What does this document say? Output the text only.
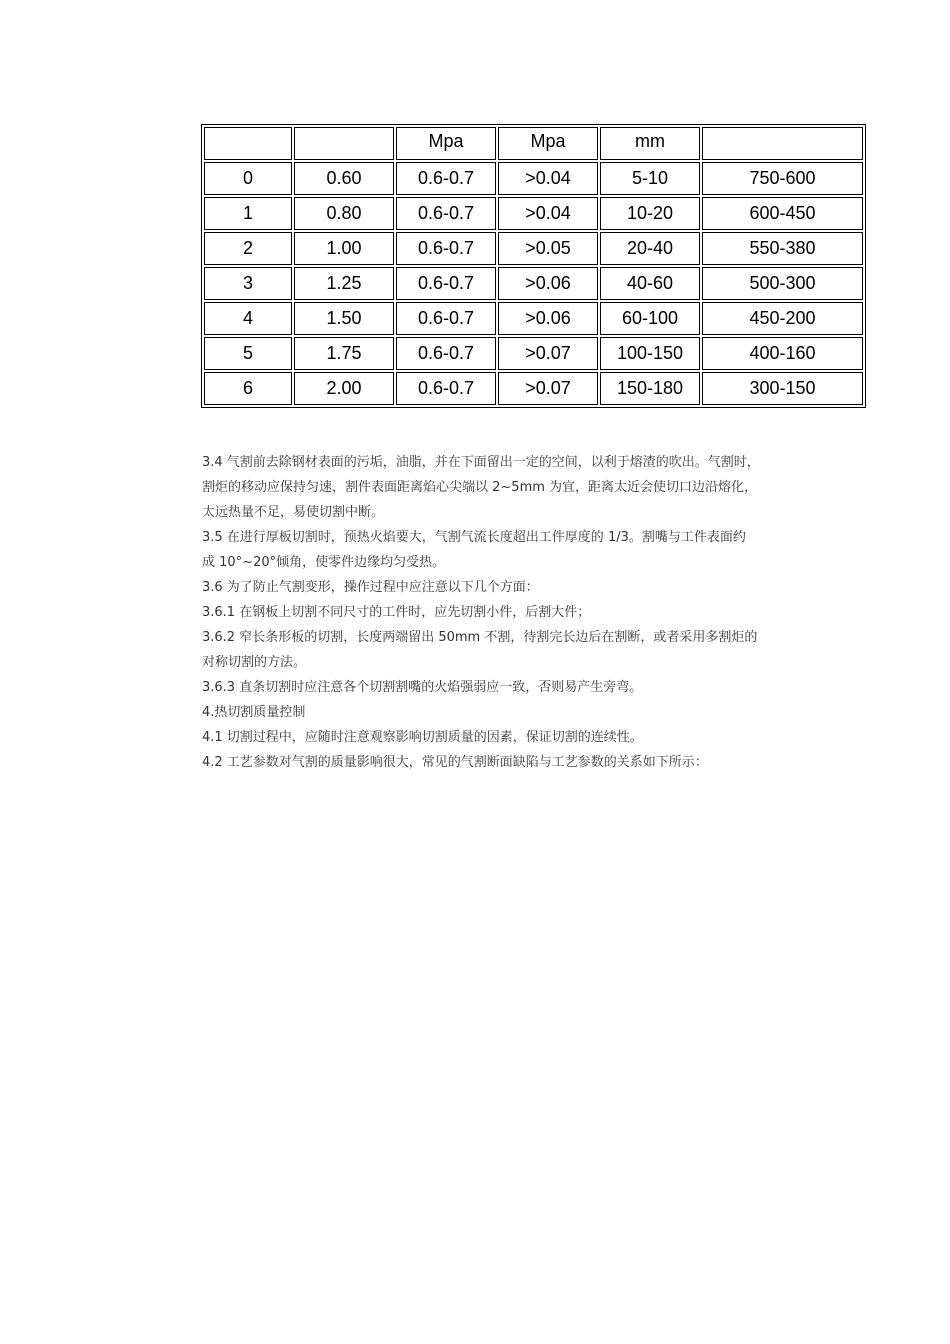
		Mpa	Mpa	mm	
0	0.60	0.6-0.7	>0.04	5-10	750-600
1	0.80	0.6-0.7	>0.04	10-20	600-450
2	1.00	0.6-0.7	>0.05	20-40	550-380
3	1.25	0.6-0.7	>0.06	40-60	500-300
4	1.50	0.6-0.7	>0.06	60-100	450-200
5	1.75	0.6-0.7	>0.07	100-150	400-160
6	2.00	0.6-0.7	>0.07	150-180	300-150

3.4 气割前去除钢材表面的污垢，油脂，并在下面留出一定的空间，以利于熔渣的吹出。气割时，

割炬的移动应保持匀速，割件表面距离焰心尖端以 2~5mm 为宜，距离太近会使切口边沿熔化，

太远热量不足，易使切割中断。

3.5 在进行厚板切割时，预热火焰要大，气割气流长度超出工件厚度的 1/3。割嘴与工件表面约

成 10°~20°倾角，使零件边缘均匀受热。

3.6 为了防止气割变形，操作过程中应注意以下几个方面：

3.6.1 在钢板上切割不同尺寸的工件时，应先切割小件，后割大件；

3.6.2 窄长条形板的切割，长度两端留出 50mm 不割，待割完长边后在割断，或者采用多割炬的

对称切割的方法。

3.6.3 直条切割时应注意各个切割割嘴的火焰强弱应一致，否则易产生旁弯。

4.热切割质量控制

4.1 切割过程中，应随时注意观察影响切割质量的因素，保证切割的连续性。

4.2 工艺参数对气割的质量影响很大，常见的气割断面缺陷与工艺参数的关系如下所示：
